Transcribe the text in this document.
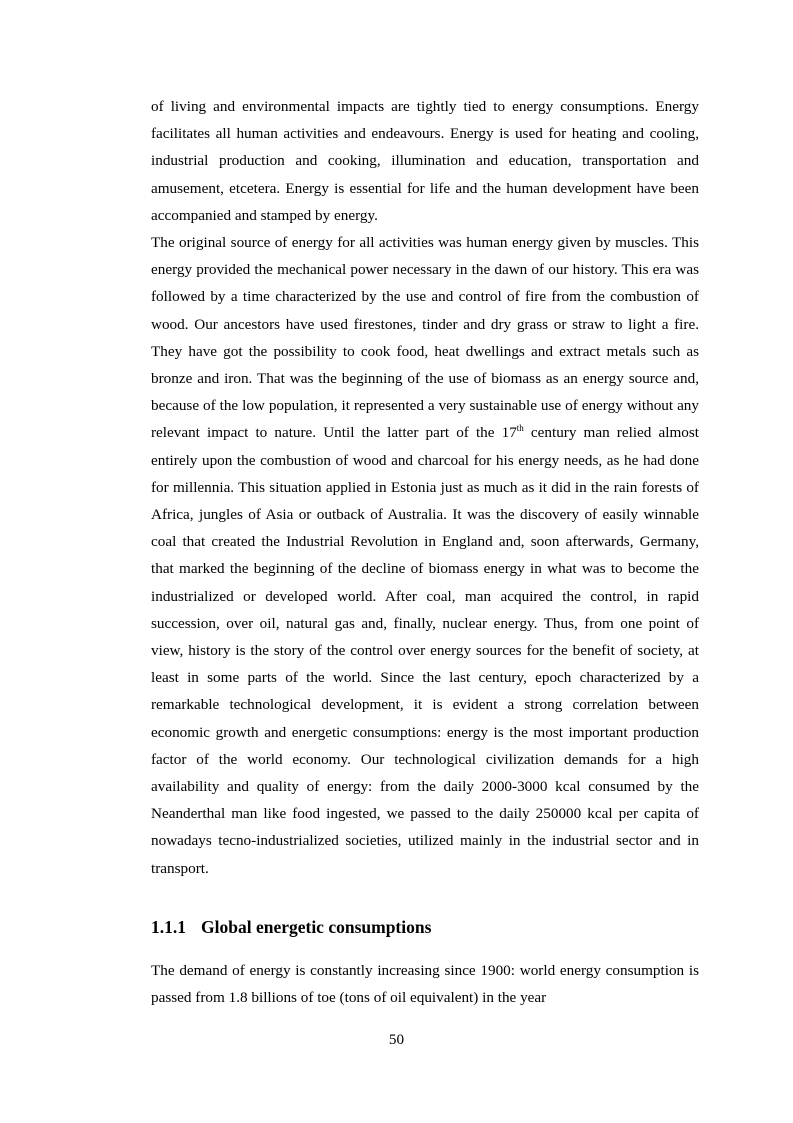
of living and environmental impacts are tightly tied to energy consumptions. Energy facilitates all human activities and endeavours. Energy is used for heating and cooling, industrial production and cooking, illumination and education, transportation and amusement, etcetera. Energy is essential for life and the human development have been accompanied and stamped by energy.

The original source of energy for all activities was human energy given by muscles. This energy provided the mechanical power necessary in the dawn of our history. This era was followed by a time characterized by the use and control of fire from the combustion of wood. Our ancestors have used firestones, tinder and dry grass or straw to light a fire. They have got the possibility to cook food, heat dwellings and extract metals such as bronze and iron. That was the beginning of the use of biomass as an energy source and, because of the low population, it represented a very sustainable use of energy without any relevant impact to nature. Until the latter part of the 17th century man relied almost entirely upon the combustion of wood and charcoal for his energy needs, as he had done for millennia. This situation applied in Estonia just as much as it did in the rain forests of Africa, jungles of Asia or outback of Australia. It was the discovery of easily winnable coal that created the Industrial Revolution in England and, soon afterwards, Germany, that marked the beginning of the decline of biomass energy in what was to become the industrialized or developed world. After coal, man acquired the control, in rapid succession, over oil, natural gas and, finally, nuclear energy. Thus, from one point of view, history is the story of the control over energy sources for the benefit of society, at least in some parts of the world. Since the last century, epoch characterized by a remarkable technological development, it is evident a strong correlation between economic growth and energetic consumptions: energy is the most important production factor of the world economy. Our technological civilization demands for a high availability and quality of energy: from the daily 2000-3000 kcal consumed by the Neanderthal man like food ingested, we passed to the daily 250000 kcal per capita of nowadays tecno-industrialized societies, utilized mainly in the industrial sector and in transport.

1.1.1 Global energetic consumptions

The demand of energy is constantly increasing since 1900: world energy consumption is passed from 1.8 billions of toe (tons of oil equivalent) in the year

50
